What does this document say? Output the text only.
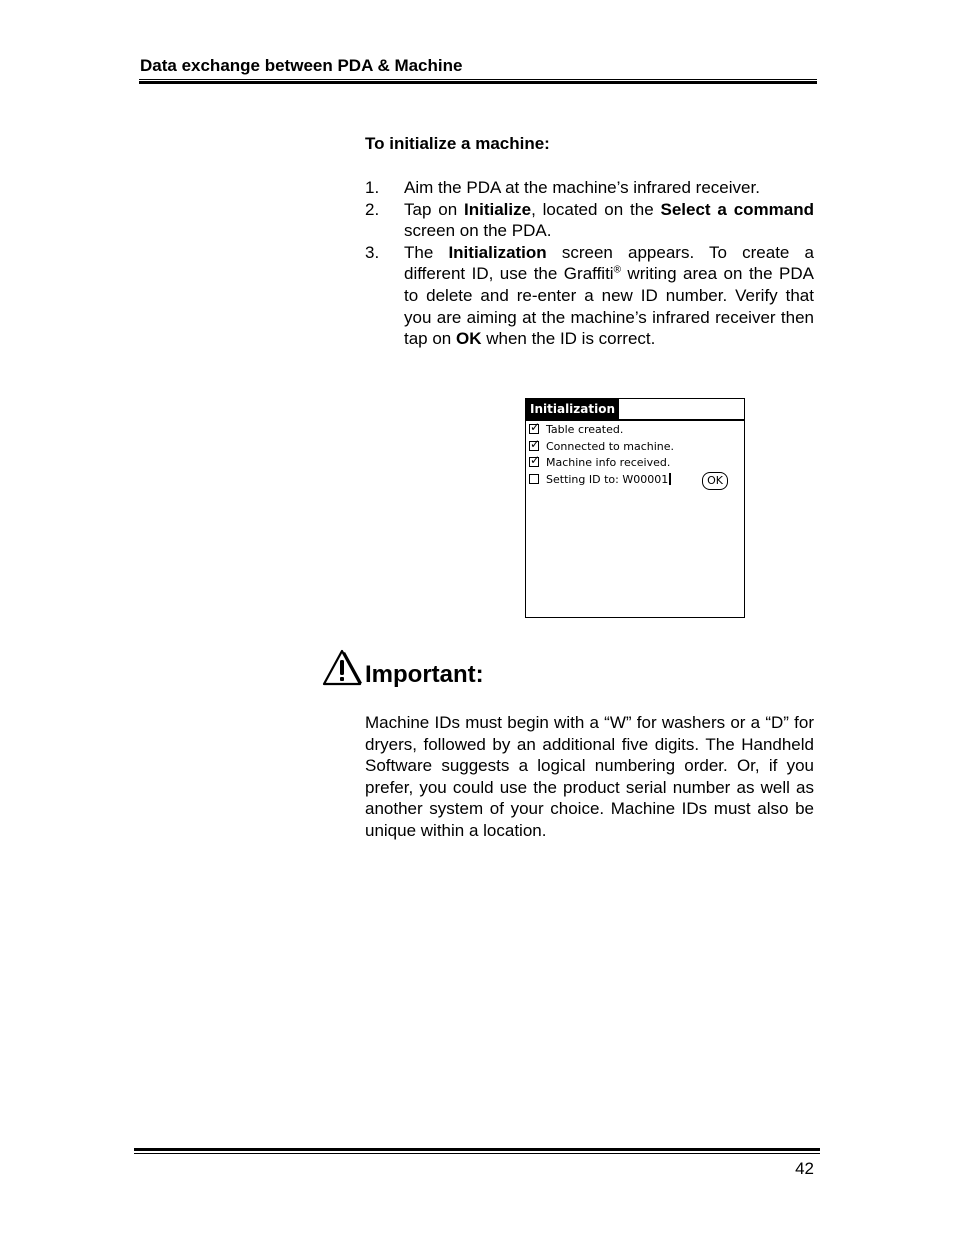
Data exchange between PDA & Machine
To initialize a machine:
1. Aim the PDA at the machine’s infrared receiver.
2. Tap on Initialize, located on the Select a command screen on the PDA.
3. The Initialization screen appears. To create a different ID, use the Graffiti® writing area on the PDA to delete and re-enter a new ID number. Verify that you are aiming at the machine’s infrared receiver then tap on OK when the ID is correct.
Initialization
✓ Table created.
✓ Connected to machine.
✓ Machine info received.
Setting ID to: W00001	OK
Important:

Machine IDs must begin with a “W” for washers or a “D” for dryers, followed by an additional five digits. The Handheld Software suggests a logical numbering order. Or, if you prefer, you could use the product serial number as well as another system of your choice. Machine IDs must also be unique within a location.

42
